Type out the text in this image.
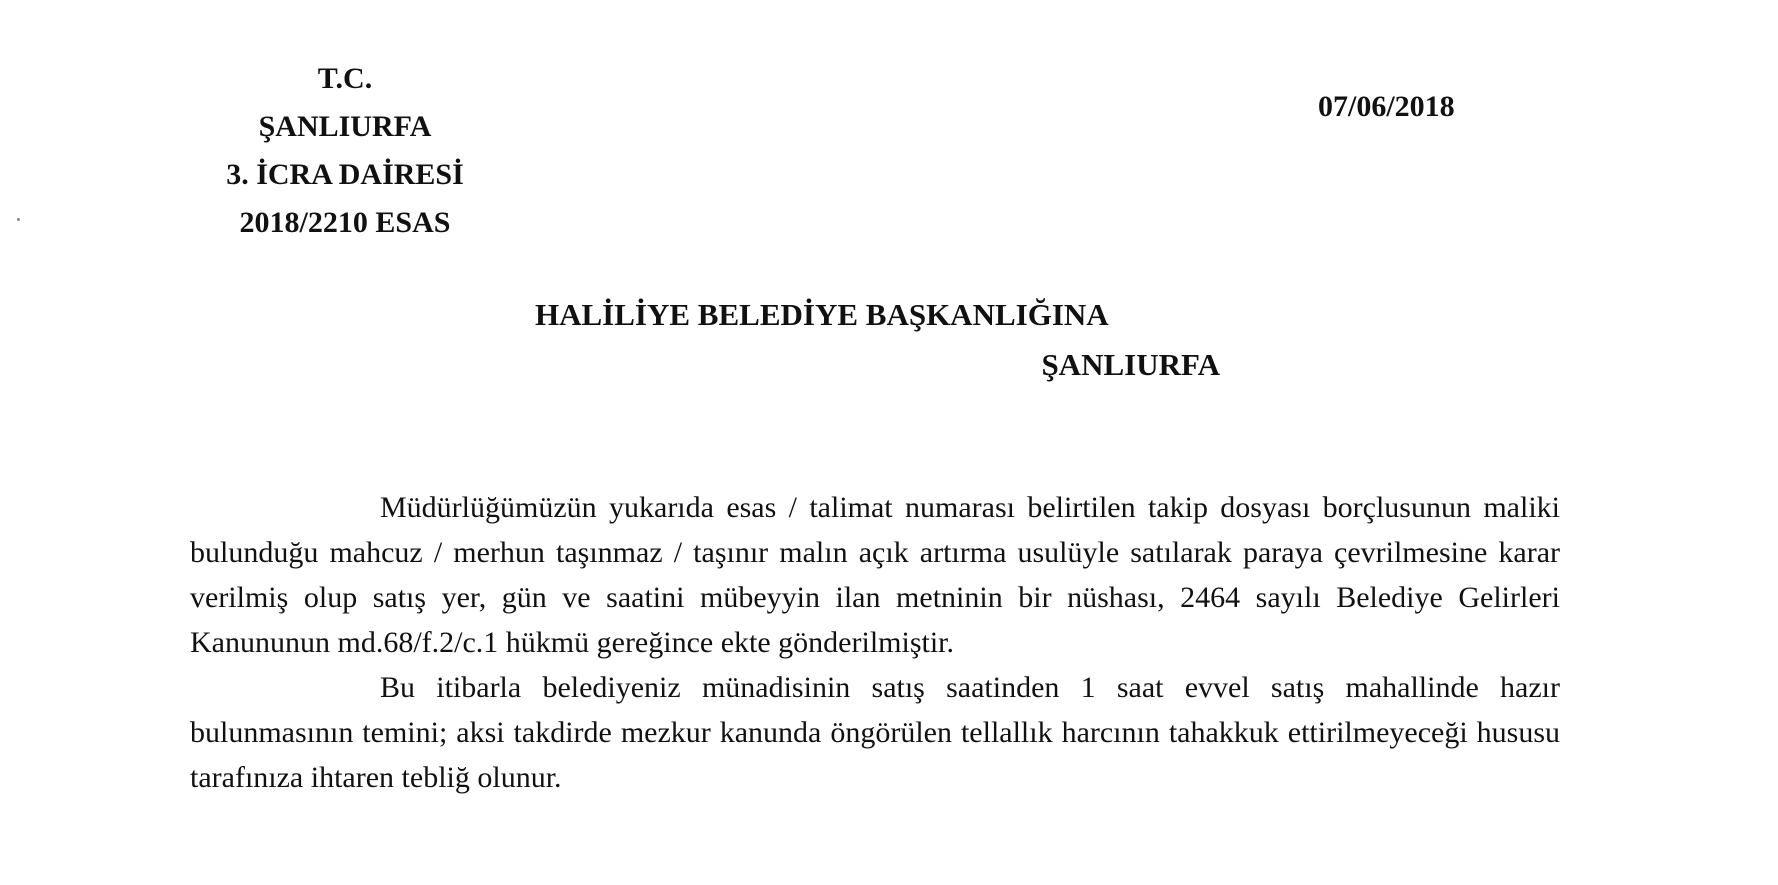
T.C.
ŞANLIURFA
3. İCRA DAİRESİ
2018/2210 ESAS
07/06/2018
HALİLİYE BELEDİYE BAŞKANLIĞINA
ŞANLIURFA

Müdürlüğümüzün yukarıda esas / talimat numarası belirtilen takip dosyası borçlusunun maliki bulunduğu mahcuz / merhun taşınmaz / taşınır malın açık artırma usulüyle satılarak paraya çevrilmesine karar verilmiş olup satış yer, gün ve saatini mübeyyin ilan metninin bir nüshası, 2464 sayılı Belediye Gelirleri Kanununun md.68/f.2/c.1 hükmü gereğince ekte gönderilmiştir.

Bu itibarla belediyeniz münadisinin satış saatinden 1 saat evvel satış mahallinde hazır bulunmasının temini; aksi takdirde mezkur kanunda öngörülen tellallık harcının tahakkuk ettirilmeyeceği hususu tarafınıza ihtaren tebliğ olunur.
